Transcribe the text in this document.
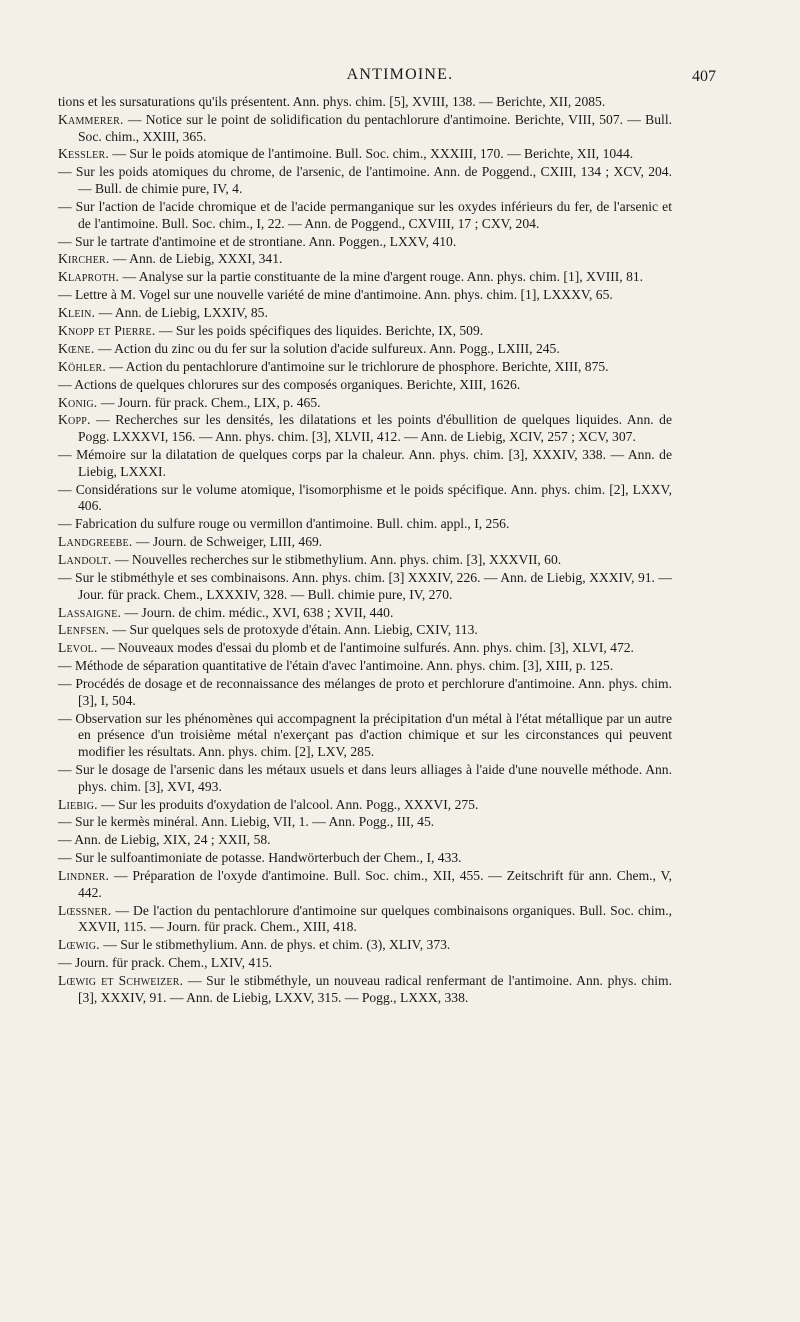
ANTIMOINE.	407

tions et les sursaturations qu'ils présentent. Ann. phys. chim. [5], XVIII, 138. — Berichte, XII, 2085.

Kammerer. — Notice sur le point de solidification du pentachlorure d'antimoine. Berichte, VIII, 507. — Bull. Soc. chim., XXIII, 365.

Kessler. — Sur le poids atomique de l'antimoine. Bull. Soc. chim., XXXIII, 170. — Berichte, XII, 1044.

— Sur les poids atomiques du chrome, de l'arsenic, de l'antimoine. Ann. de Poggend., CXIII, 134 ; XCV, 204. — Bull. de chimie pure, IV, 4.

— Sur l'action de l'acide chromique et de l'acide permanganique sur les oxydes inférieurs du fer, de l'arsenic et de l'antimoine. Bull. Soc. chim., I, 22. — Ann. de Poggend., CXVIII, 17 ; CXV, 204.

— Sur le tartrate d'antimoine et de strontiane. Ann. Poggen., LXXV, 410.

Kircher. — Ann. de Liebig, XXXI, 341.

Klaproth. — Analyse sur la partie constituante de la mine d'argent rouge. Ann. phys. chim. [1], XVIII, 81.

— Lettre à M. Vogel sur une nouvelle variété de mine d'antimoine. Ann. phys. chim. [1], LXXXV, 65.

Klein. — Ann. de Liebig, LXXIV, 85.

Knopp et Pierre. — Sur les poids spécifiques des liquides. Berichte, IX, 509.

Kœne. — Action du zinc ou du fer sur la solution d'acide sulfureux. Ann. Pogg., LXIII, 245.

Köhler. — Action du pentachlorure d'antimoine sur le trichlorure de phosphore. Berichte, XIII, 875.

— Actions de quelques chlorures sur des composés organiques. Berichte, XIII, 1626.

Konig. — Journ. für prack. Chem., LIX, p. 465.

Kopp. — Recherches sur les densités, les dilatations et les points d'ébullition de quelques liquides. Ann. de Pogg. LXXXVI, 156. — Ann. phys. chim. [3], XLVII, 412. — Ann. de Liebig, XCIV, 257 ; XCV, 307.

— Mémoire sur la dilatation de quelques corps par la chaleur. Ann. phys. chim. [3], XXXIV, 338. — Ann. de Liebig, LXXXI.

— Considérations sur le volume atomique, l'isomorphisme et le poids spécifique. Ann. phys. chim. [2], LXXV, 406.

— Fabrication du sulfure rouge ou vermillon d'antimoine. Bull. chim. appl., I, 256.

Landgreebe. — Journ. de Schweiger, LIII, 469.

Landolt. — Nouvelles recherches sur le stibmethylium. Ann. phys. chim. [3], XXXVII, 60.

— Sur le stibméthyle et ses combinaisons. Ann. phys. chim. [3] XXXIV, 226. — Ann. de Liebig, XXXIV, 91. — Jour. für prack. Chem., LXXXIV, 328. — Bull. chimie pure, IV, 270.

Lassaigne. — Journ. de chim. médic., XVI, 638 ; XVII, 440.

Lenfsen. — Sur quelques sels de protoxyde d'étain. Ann. Liebig, CXIV, 113.

Levol. — Nouveaux modes d'essai du plomb et de l'antimoine sulfurés. Ann. phys. chim. [3], XLVI, 472.

— Méthode de séparation quantitative de l'étain d'avec l'antimoine. Ann. phys. chim. [3], XIII, p. 125.

— Procédés de dosage et de reconnaissance des mélanges de proto et perchlorure d'antimoine. Ann. phys. chim. [3], I, 504.

— Observation sur les phénomènes qui accompagnent la précipitation d'un métal à l'état métallique par un autre en présence d'un troisième métal n'exerçant pas d'action chimique et sur les circonstances qui peuvent modifier les résultats. Ann. phys. chim. [2], LXV, 285.

— Sur le dosage de l'arsenic dans les métaux usuels et dans leurs alliages à l'aide d'une nouvelle méthode. Ann. phys. chim. [3], XVI, 493.

Liebig. — Sur les produits d'oxydation de l'alcool. Ann. Pogg., XXXVI, 275.

— Sur le kermès minéral. Ann. Liebig, VII, 1. — Ann. Pogg., III, 45.

— Ann. de Liebig, XIX, 24 ; XXII, 58.

— Sur le sulfoantimoniate de potasse. Handwörterbuch der Chem., I, 433.

Lindner. — Préparation de l'oxyde d'antimoine. Bull. Soc. chim., XII, 455. — Zeitschrift für ann. Chem., V, 442.

Lœssner. — De l'action du pentachlorure d'antimoine sur quelques combinaisons organiques. Bull. Soc. chim., XXVII, 115. — Journ. für prack. Chem., XIII, 418.

Lœwig. — Sur le stibmethylium. Ann. de phys. et chim. (3), XLIV, 373.

— Journ. für prack. Chem., LXIV, 415.

Lœwig et Schweizer. — Sur le stibméthyle, un nouveau radical renfermant de l'antimoine. Ann. phys. chim. [3], XXXIV, 91. — Ann. de Liebig, LXXV, 315. — Pogg., LXXX, 338.
